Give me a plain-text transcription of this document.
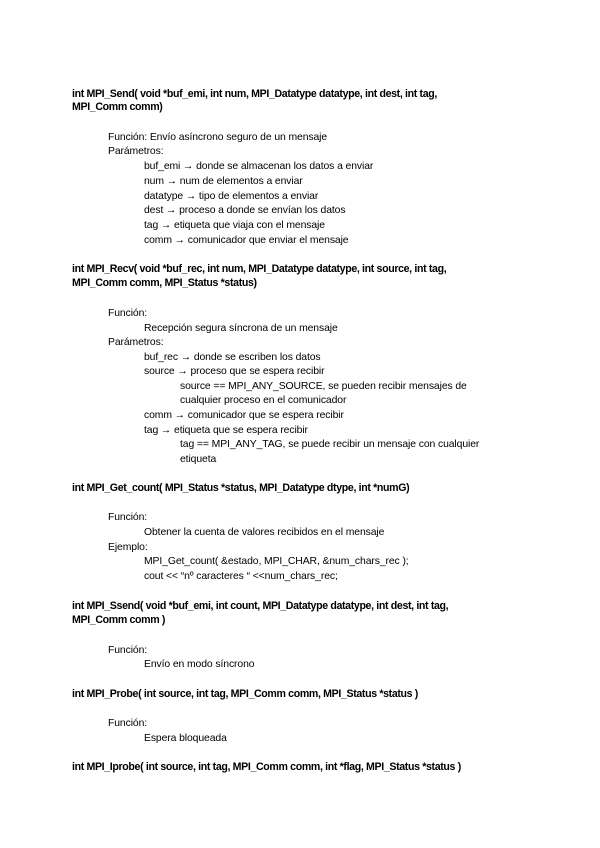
int MPI_Send( void *buf_emi, int num, MPI_Datatype datatype, int dest, int tag,
MPI_Comm comm)
Función: Envío asíncrono seguro de un mensaje
Parámetros:
buf_emi → donde se almacenan los datos a enviar
num → num de elementos a enviar
datatype → tipo de elementos a enviar
dest → proceso a donde se envían los datos
tag → etiqueta que viaja con el mensaje
comm → comunicador que enviar el mensaje
int MPI_Recv( void *buf_rec, int num, MPI_Datatype datatype, int source, int tag,
MPI_Comm comm, MPI_Status *status)
Función:
Recepción segura síncrona de un mensaje
Parámetros:
buf_rec → donde se escriben los datos
source → proceso que se espera recibir
source == MPI_ANY_SOURCE, se pueden recibir mensajes de
cualquier proceso en el comunicador
comm → comunicador que se espera recibir
tag → etiqueta que se espera recibir
tag == MPI_ANY_TAG, se puede recibir un mensaje con cualquier
etiqueta
int MPI_Get_count( MPI_Status *status, MPI_Datatype dtype, int *numG)
Función:
Obtener la cuenta de valores recibidos en el mensaje
Ejemplo:
MPI_Get_count( &estado, MPI_CHAR, &num_chars_rec );
cout << “nº caracteres “ <<num_chars_rec;
int MPI_Ssend( void *buf_emi, int count, MPI_Datatype datatype, int dest, int tag,
MPI_Comm comm )
Función:
Envío en modo síncrono
int MPI_Probe( int source, int tag, MPI_Comm comm, MPI_Status *status )
Función:
Espera bloqueada
int MPI_Iprobe( int source, int tag, MPI_Comm comm, int *flag, MPI_Status *status )
